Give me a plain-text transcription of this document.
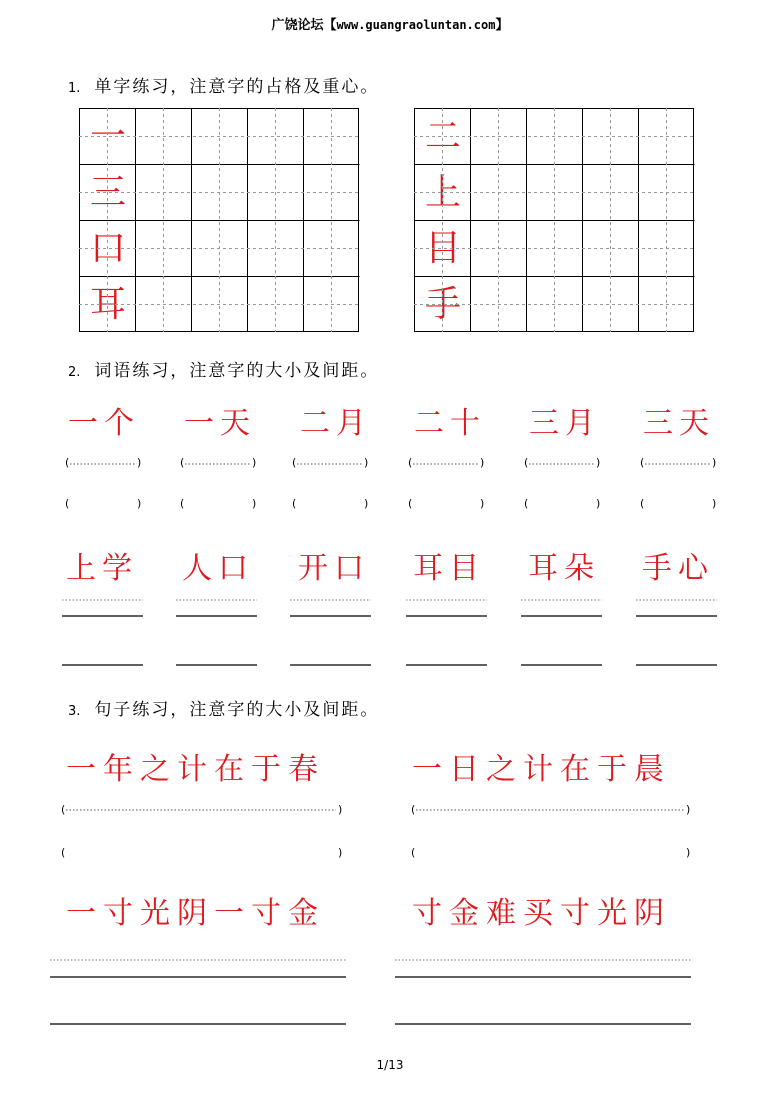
广饶论坛【www.guangraoluntan.com】
1. 单字练习，注意字的占格及重心。
一
三
口
耳
二
上
目
手
2. 词语练习，注意字的大小及间距。
一个 一天 二月 二十 三月 三天
(	)	(	)	(	)	(	)	(	)	(	)
(	)	(	)	(	)	(	)	(	)	(	)
上学 人口 开口 耳目 耳朵 手心
3. 句子练习，注意字的大小及间距。
一年之计在于春	一日之计在于晨
(	)	(	)
(	)	(	)
一寸光阴一寸金	寸金难买寸光阴
1/13
